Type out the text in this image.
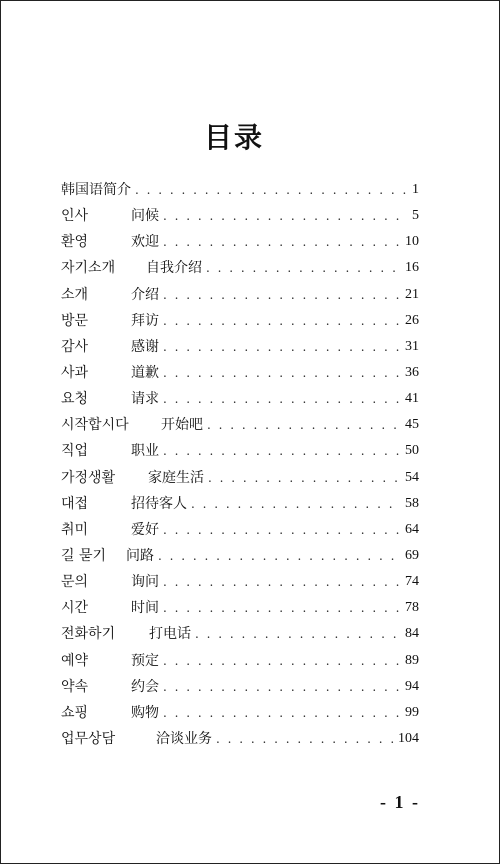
目录
韩国语简介 . . .	1
인사	问候 . . .	5
환영	欢迎 . . .	10
자기소개	自我介绍 . . .	16
소개	介绍 . . .	21
방문	拜访 . . .	26
감사	感谢 . . .	31
사과	道歉 . . .	36
요청	请求 . . .	41
시작합시다	开始吧 . . .	45
직업	职业 . . .	50
가정생활	家庭生活 . . .	54
대접	招待客人 . . .	58
취미	爱好 . . .	64
길 묻기	问路 . . .	69
문의	询问 . . .	74
시간	时间 . . .	78
전화하기	打电话 . . .	84
예약	预定 . . .	89
약속	约会 . . .	94
쇼핑	购物 . . .	99
업무상담	洽谈业务 . . .	104
- 1 -
